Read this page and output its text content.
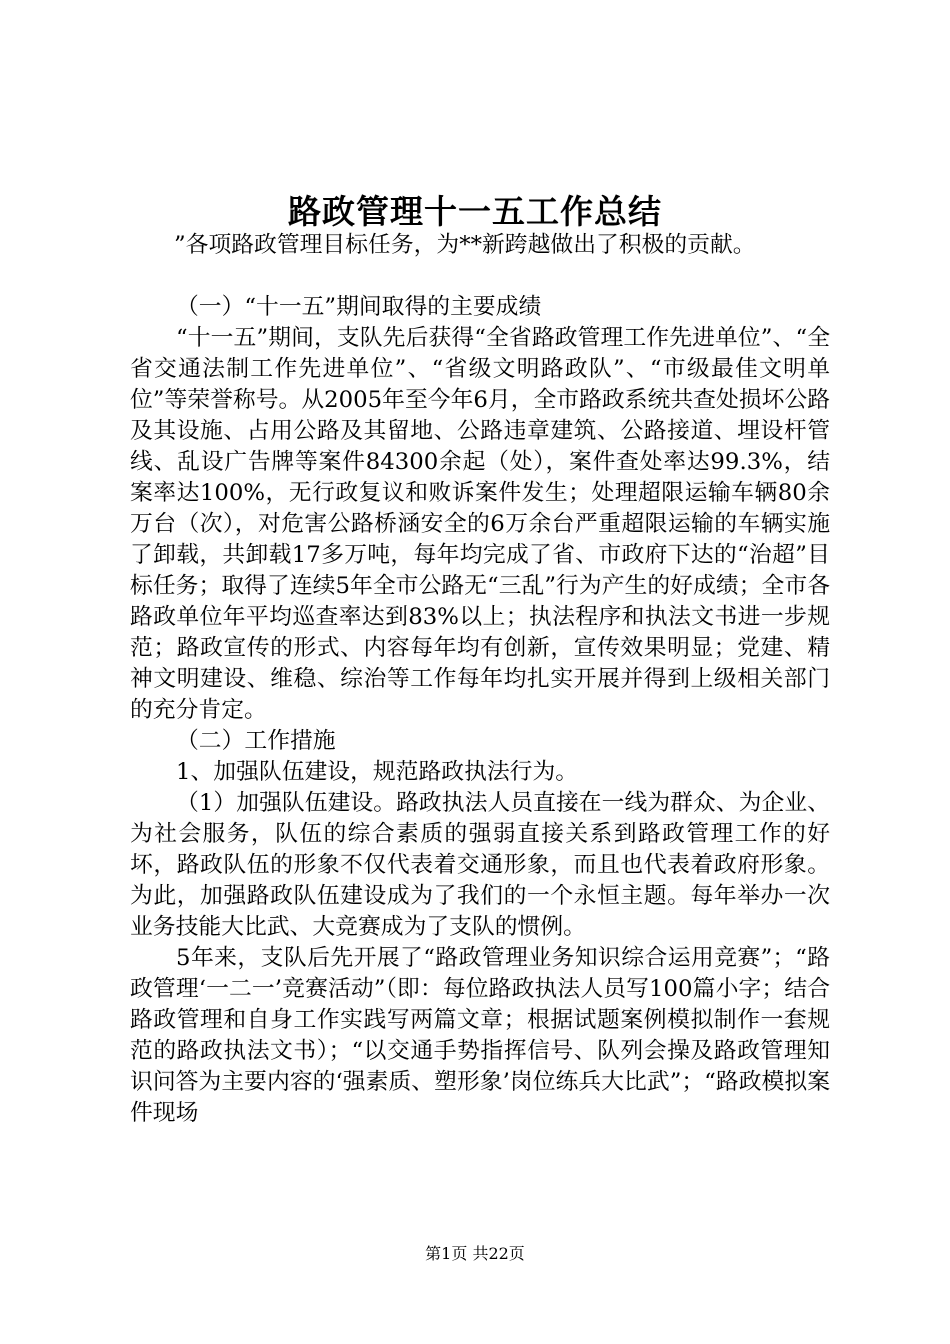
路政管理十一五工作总结

”各项路政管理目标任务，为**新跨越做出了积极的贡献。

（一）“十一五”期间取得的主要成绩

“十一五”期间，支队先后获得“全省路政管理工作先进单位”、“全省交通法制工作先进单位”、“省级文明路政队”、“市级最佳文明单位”等荣誉称号。从2005年至今年6月，全市路政系统共查处损坏公路及其设施、占用公路及其留地、公路违章建筑、公路接道、埋设杆管线、乱设广告牌等案件84300余起（处），案件查处率达99.3%，结案率达100%，无行政复议和败诉案件发生；处理超限运输车辆80余万台（次），对危害公路桥涵安全的6万余台严重超限运输的车辆实施了卸载，共卸载17多万吨，每年均完成了省、市政府下达的“治超”目标任务；取得了连续5年全市公路无“三乱”行为产生的好成绩；全市各路政单位年平均巡查率达到83%以上；执法程序和执法文书进一步规范；路政宣传的形式、内容每年均有创新，宣传效果明显；党建、精神文明建设、维稳、综治等工作每年均扎实开展并得到上级相关部门的充分肯定。

（二）工作措施

1、加强队伍建设，规范路政执法行为。

（1）加强队伍建设。路政执法人员直接在一线为群众、为企业、为社会服务，队伍的综合素质的强弱直接关系到路政管理工作的好坏，路政队伍的形象不仅代表着交通形象，而且也代表着政府形象。为此，加强路政队伍建设成为了我们的一个永恒主题。每年举办一次业务技能大比武、大竞赛成为了支队的惯例。

5年来，支队后先开展了“路政管理业务知识综合运用竞赛”；“路政管理‘一二一’竞赛活动”（即：每位路政执法人员写100篇小字；结合路政管理和自身工作实践写两篇文章；根据试题案例模拟制作一套规范的路政执法文书）；“以交通手势指挥信号、队列会操及路政管理知识问答为主要内容的‘强素质、塑形象’岗位练兵大比武”；“路政模拟案件现场

第1页 共22页
